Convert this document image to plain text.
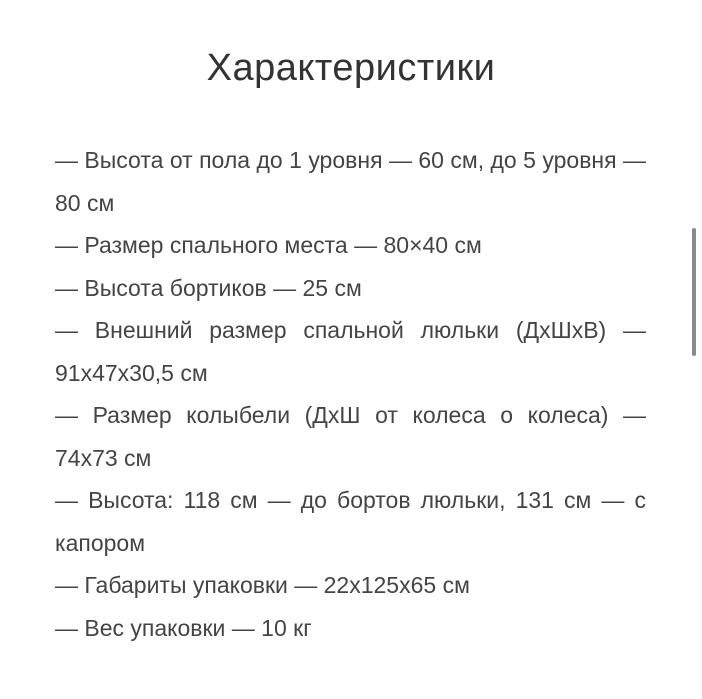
Характеристики
— Высота от пола до 1 уровня — 60 см, до 5 уровня — 80 см
— Размер спального места — 80×40 см
— Высота бортиков — 25 см
— Внешний размер спальной люльки (ДхШхВ) — 91х47х30,5 см
— Размер колыбели (ДхШ от колеса о колеса) — 74х73 см
— Высота: 118 см — до бортов люльки, 131 см — с капором
— Габариты упаковки — 22х125х65 см
— Вес упаковки — 10 кг
